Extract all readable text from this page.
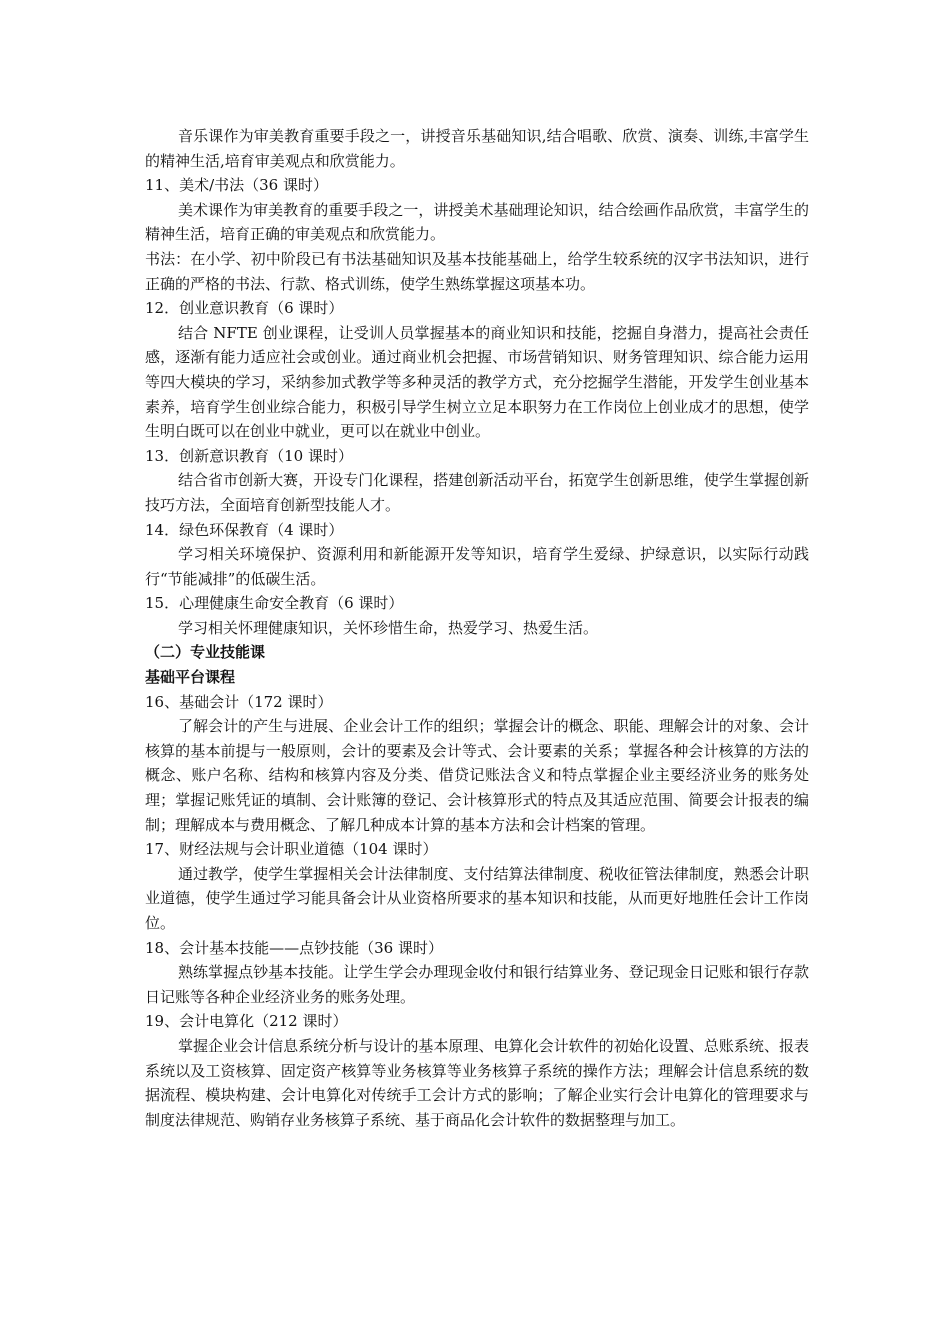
音乐课作为审美教育重要手段之一，讲授音乐基础知识,结合唱歌、欣赏、演奏、训练,丰富学生的精神生活,培育审美观点和欣赏能力。

11、美术/书法（36 课时）

美术课作为审美教育的重要手段之一，讲授美术基础理论知识，结合绘画作品欣赏，丰富学生的精神生活，培育正确的审美观点和欣赏能力。

书法：在小学、初中阶段已有书法基础知识及基本技能基础上，给学生较系统的汉字书法知识，进行正确的严格的书法、行款、格式训练，使学生熟练掌握这项基本功。

12．创业意识教育（6 课时）

结合 NFTE 创业课程，让受训人员掌握基本的商业知识和技能，挖掘自身潜力，提高社会责任感，逐渐有能力适应社会或创业。通过商业机会把握、市场营销知识、财务管理知识、综合能力运用等四大模块的学习，采纳参加式教学等多种灵活的教学方式，充分挖掘学生潜能，开发学生创业基本素养，培育学生创业综合能力，积极引导学生树立立足本职努力在工作岗位上创业成才的思想，使学生明白既可以在创业中就业，更可以在就业中创业。

13．创新意识教育（10 课时）

结合省市创新大赛，开设专门化课程，搭建创新活动平台，拓宽学生创新思维，使学生掌握创新技巧方法，全面培育创新型技能人才。

14．绿色环保教育（4 课时）

学习相关环境保护、资源利用和新能源开发等知识，培育学生爱绿、护绿意识，以实际行动践行“节能减排”的低碳生活。

15．心理健康生命安全教育（6 课时）

学习相关怀理健康知识，关怀珍惜生命，热爱学习、热爱生活。

（二）专业技能课

基础平台课程

16、基础会计（172 课时）

了解会计的产生与进展、企业会计工作的组织；掌握会计的概念、职能、理解会计的对象、会计核算的基本前提与一般原则，会计的要素及会计等式、会计要素的关系；掌握各种会计核算的方法的概念、账户名称、结构和核算内容及分类、借贷记账法含义和特点掌握企业主要经济业务的账务处理；掌握记账凭证的填制、会计账簿的登记、会计核算形式的特点及其适应范围、简要会计报表的编制；理解成本与费用概念、了解几种成本计算的基本方法和会计档案的管理。

17、财经法规与会计职业道德（104 课时）

通过教学，使学生掌握相关会计法律制度、支付结算法律制度、税收征管法律制度，熟悉会计职业道德，使学生通过学习能具备会计从业资格所要求的基本知识和技能，从而更好地胜任会计工作岗位。

18、会计基本技能——点钞技能（36 课时）

熟练掌握点钞基本技能。让学生学会办理现金收付和银行结算业务、登记现金日记账和银行存款日记账等各种企业经济业务的账务处理。

19、会计电算化（212 课时）

掌握企业会计信息系统分析与设计的基本原理、电算化会计软件的初始化设置、总账系统、报表系统以及工资核算、固定资产核算等业务核算等业务核算子系统的操作方法；理解会计信息系统的数据流程、模块构建、会计电算化对传统手工会计方式的影响；了解企业实行会计电算化的管理要求与制度法律规范、购销存业务核算子系统、基于商品化会计软件的数据整理与加工。
